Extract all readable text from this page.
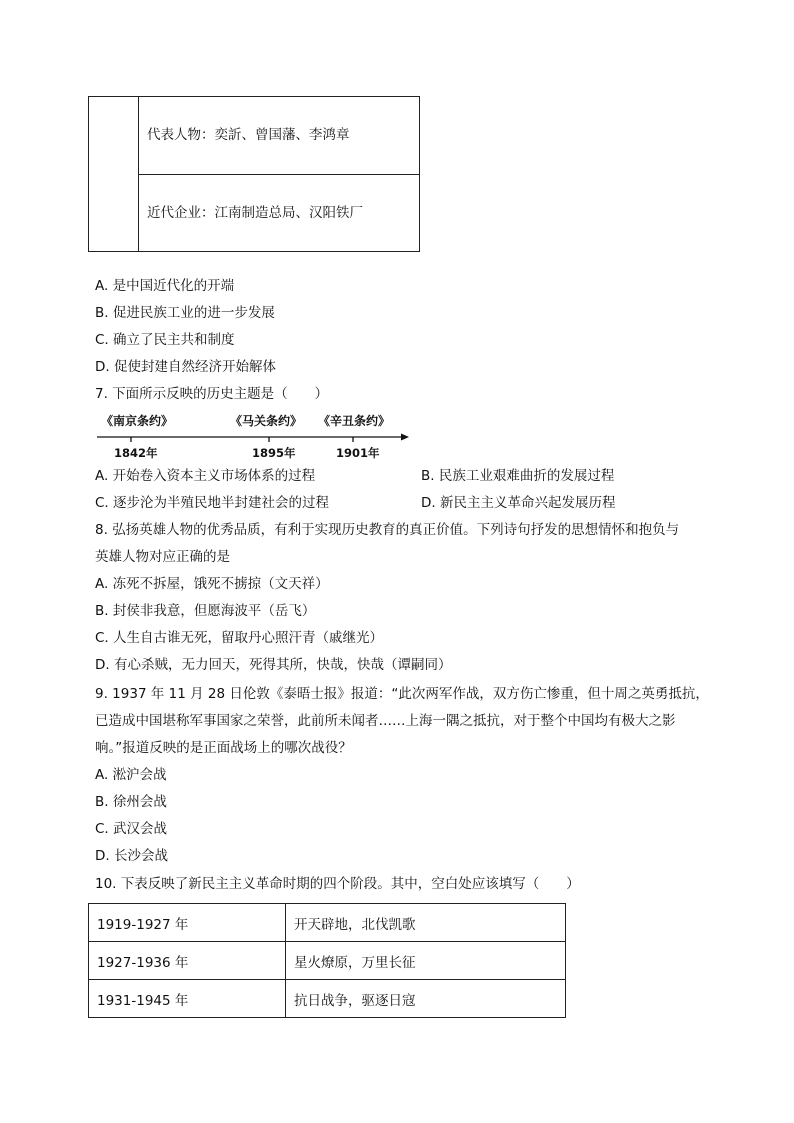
代表人物：奕訢、曾国藩、李鸿章
近代企业：江南制造总局、汉阳铁厂
A. 是中国近代化的开端
B. 促进民族工业的进一步发展
C. 确立了民主共和制度
D. 促使封建自然经济开始解体
7. 下面所示反映的历史主题是（　　）
《南京条约》	《马关条约》 《辛丑条约》
1842年	1895年	1901年
A. 开始卷入资本主义市场体系的过程	B. 民族工业艰难曲折的发展过程
C. 逐步沦为半殖民地半封建社会的过程	D. 新民主主义革命兴起发展历程
8. 弘扬英雄人物的优秀品质，有利于实现历史教育的真正价值。下列诗句抒发的思想情怀和抱负与
英雄人物对应正确的是
A. 冻死不拆屋，饿死不掳掠（文天祥）
B. 封侯非我意，但愿海波平（岳飞）
C. 人生自古谁无死，留取丹心照汗青（戚继光）
D. 有心杀贼，无力回天，死得其所，快哉，快哉（谭嗣同）
9. 1937 年 11 月 28 日伦敦《泰晤士报》报道：“此次两军作战，双方伤亡惨重，但十周之英勇抵抗，
已造成中国堪称军事国家之荣誉，此前所未闻者……上海一隅之抵抗，对于整个中国均有极大之影
响。”报道反映的是正面战场上的哪次战役？
A. 淞沪会战
B. 徐州会战
C. 武汉会战
D. 长沙会战
10. 下表反映了新民主主义革命时期的四个阶段。其中，空白处应该填写（　　）
1919-1927 年	开天辟地，北伐凯歌
1927-1936 年	星火燎原，万里长征
1931-1945 年	抗日战争，驱逐日寇
